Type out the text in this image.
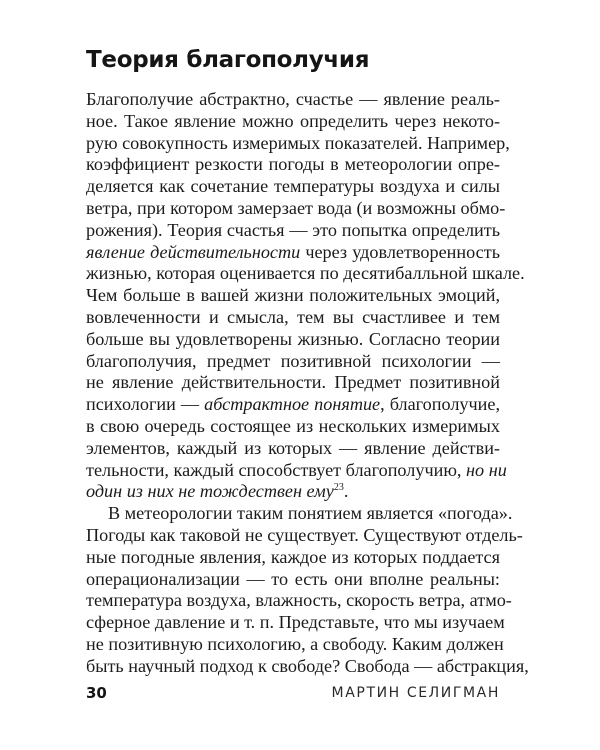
Теория благополучия
Благополучие абстрактно, счастье — явление реаль-
ное. Такое явление можно определить через некото-
рую совокупность измеримых показателей. Например,
коэффициент резкости погоды в метеорологии опре-
деляется как сочетание температуры воздуха и силы
ветра, при котором замерзает вода (и возможны обмо-
рожения). Теория счастья — это попытка определить
явление действительности через удовлетворенность
жизнью, которая оценивается по десятибалльной шкале.
Чем больше в вашей жизни положительных эмоций,
вовлеченности и смысла, тем вы счастливее и тем
больше вы удовлетворены жизнью. Согласно теории
благополучия, предмет позитивной психологии —
не явление действительности. Предмет позитивной
психологии — абстрактное понятие, благополучие,
в свою очередь состоящее из нескольких измеримых
элементов, каждый из которых — явление действи-
тельности, каждый способствует благополучию, но ни
один из них не тождествен ему$^{23}$.
В метеорологии таким понятием является «погода».
Погоды как таковой не существует. Существуют отдель-
ные погодные явления, каждое из которых поддается
операционализации — то есть они вполне реальны:
температура воздуха, влажность, скорость ветра, атмо-
сферное давление и т. п. Представьте, что мы изучаем
не позитивную психологию, а свободу. Каким должен
быть научный подход к свободе? Свобода — абстракция,
30	МАРТИН СЕЛИГМАН
